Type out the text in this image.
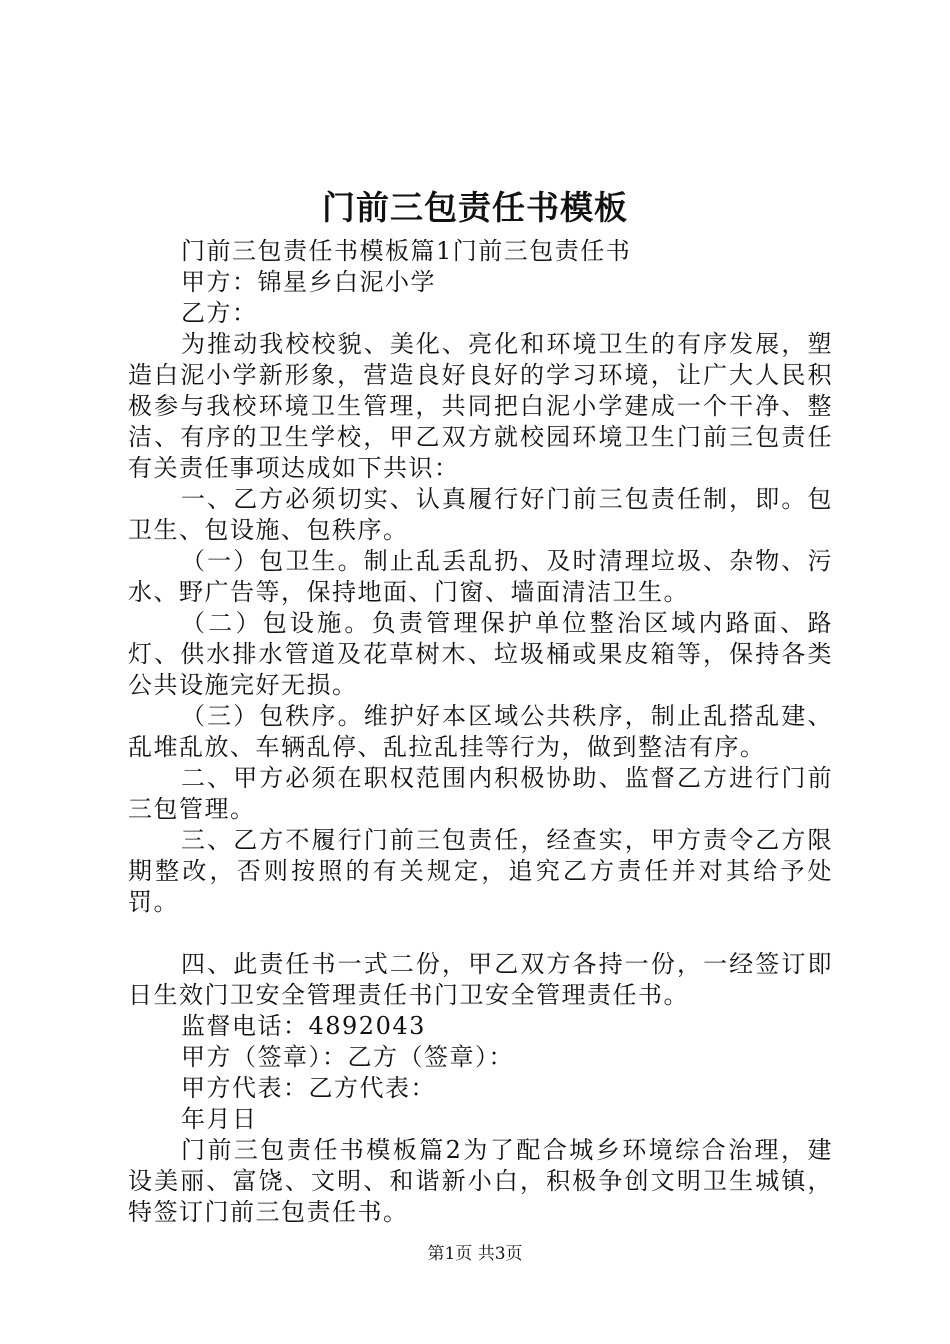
门前三包责任书模板

门前三包责任书模板篇1门前三包责任书

甲方：锦星乡白泥小学

乙方：

为推动我校校貌、美化、亮化和环境卫生的有序发展，塑造白泥小学新形象，营造良好良好的学习环境，让广大人民积极参与我校环境卫生管理，共同把白泥小学建成一个干净、整洁、有序的卫生学校，甲乙双方就校园环境卫生门前三包责任有关责任事项达成如下共识：

一、乙方必须切实、认真履行好门前三包责任制，即。包卫生、包设施、包秩序。

（一）包卫生。制止乱丢乱扔、及时清理垃圾、杂物、污水、野广告等，保持地面、门窗、墙面清洁卫生。

（二）包设施。负责管理保护单位整治区域内路面、路灯、供水排水管道及花草树木、垃圾桶或果皮箱等，保持各类公共设施完好无损。

（三）包秩序。维护好本区域公共秩序，制止乱搭乱建、乱堆乱放、车辆乱停、乱拉乱挂等行为，做到整洁有序。

二、甲方必须在职权范围内积极协助、监督乙方进行门前三包管理。

三、乙方不履行门前三包责任，经查实，甲方责令乙方限期整改，否则按照的有关规定，追究乙方责任并对其给予处罚。

四、此责任书一式二份，甲乙双方各持一份，一经签订即日生效门卫安全管理责任书门卫安全管理责任书。

监督电话：4892043

甲方（签章）：乙方（签章）：

甲方代表：乙方代表：

年月日

门前三包责任书模板篇2为了配合城乡环境综合治理，建设美丽、富饶、文明、和谐新小白，积极争创文明卫生城镇，特签订门前三包责任书。

第1页 共3页
